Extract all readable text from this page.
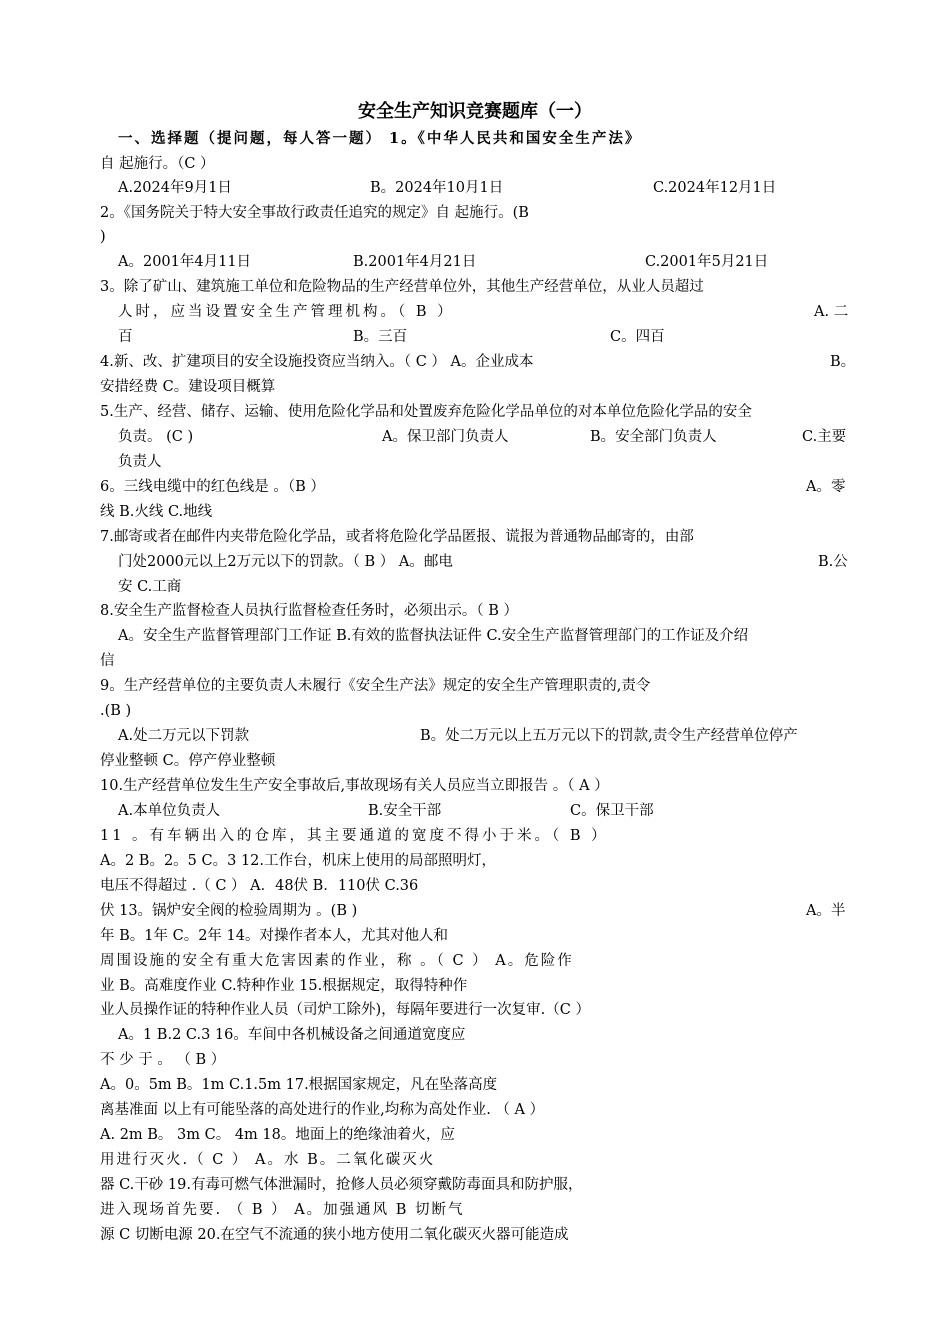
安全生产知识竞赛题库（一）
一、选择题（提问题，每人答一题） 1。《中华人民共和国安全生产法》
自 起施行。（C ）
A.2024年9月1日	B。2024年10月1日	C.2024年12月1日
2。《国务院关于特大安全事故行政责任追究的规定》自 起施行。(B
)
A。2001年4月11日	B.2001年4月21日	C.2001年5月21日
3。除了矿山、建筑施工单位和危险物品的生产经营单位外，其他生产经营单位，从业人员超过
人时，应当设置安全生产管理机构。（ B ）	A. 二
百	B。三百	C。四百
4.新、改、扩建项目的安全设施投资应当纳入。（ C ） A。企业成本	B。
安措经费 C。建设项目概算
5.生产、经营、储存、运输、使用危险化学品和处置废弃危险化学品单位的对本单位危险化学品的安全
负责。 (C )	A。保卫部门负责人	B。安全部门负责人	C.主要
负责人
6。三线电缆中的红色线是 。（B ）	A。零
线 B.火线 C.地线
7.邮寄或者在邮件内夹带危险化学品，或者将危险化学品匿报、谎报为普通物品邮寄的，由部
门处2000元以上2万元以下的罚款。（ B ） A。邮电	B.公
安 C.工商
8.安全生产监督检查人员执行监督检查任务时，必须出示。（ B ）
A。安全生产监督管理部门工作证 B.有效的监督执法证件 C.安全生产监督管理部门的工作证及介绍
信
9。生产经营单位的主要负责人未履行《安全生产法》规定的安全生产管理职责的,责令
.(B )
A.处二万元以下罚款	B。处二万元以上五万元以下的罚款,责令生产经营单位停产
停业整顿 C。停产停业整顿
10.生产经营单位发生生产安全事故后,事故现场有关人员应当立即报告 。（ A ）
A.本单位负责人	B.安全干部	C。保卫干部
11 。有车辆出入的仓库，其主要通道的宽度不得小于米。（ B ）
A。2 B。2。5 C。3 12.工作台，机床上使用的局部照明灯，
电压不得超过 .（ C ） A．48伏 B．110伏 C.36
伏 13。锅炉安全阀的检验周期为 。(B )	A。半
年 B。1年 C。2年 14。对操作者本人，尤其对他人和
周围设施的安全有重大危害因素的作业，称 。（ C ） A。危险作
业 B。高难度作业 C.特种作业 15.根据规定，取得特种作
业人员操作证的特种作业人员（司炉工除外)，每隔年要进行一次复审.（C ）
A。1 B.2 C.3 16。车间中各机械设备之间通道宽度应
不 少 于 。 （ B ）
A。0。5m B。1m C.1.5m 17.根据国家规定，凡在坠落高度
离基准面 以上有可能坠落的高处进行的作业,均称为高处作业. （ A ）
A. 2m B。 3m C。 4m 18。地面上的绝缘油着火，应
用进行灭火.（ C ） A。水 B。二氧化碳灭火
器 C.干砂 19.有毒可燃气体泄漏时，抢修人员必须穿戴防毒面具和防护服，
进入现场首先要. （ B ） A。加强通风 B 切断气
源 C 切断电源 20.在空气不流通的狭小地方使用二氧化碳灭火器可能造成
